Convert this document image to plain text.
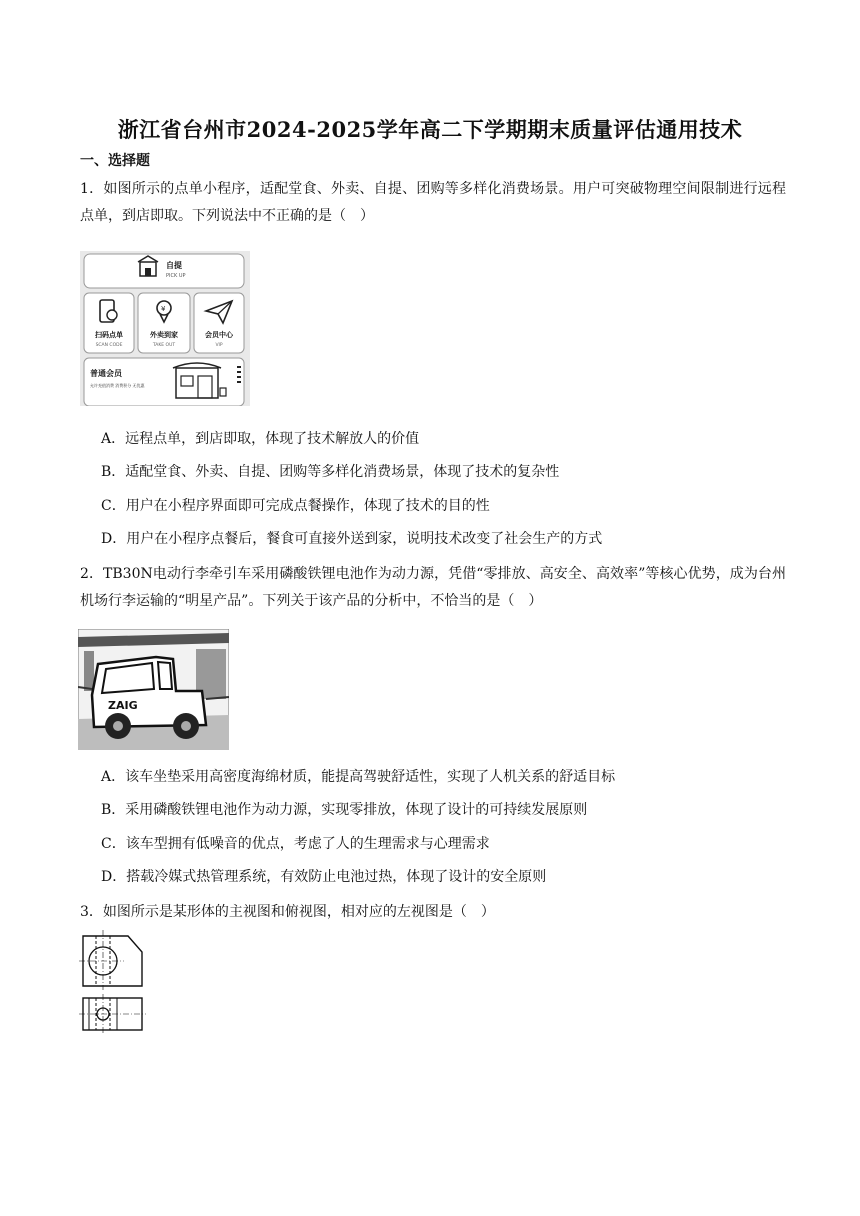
浙江省台州市2024-2025学年高二下学期期末质量评估通用技术
一、选择题
1．如图所示的点单小程序，适配堂食、外卖、自提、团购等多样化消费场景。用户可突破物理空间限制进行远程点单，到店即取。下列说法中不正确的是（　）
自提
PICK UP
¥
扫码点单
SCAN CODE
外卖到家
TAKE OUT
会员中心
VIP
普通会员
允许充值消费 消费积分 无优惠
A．远程点单，到店即取，体现了技术解放人的价值
B．适配堂食、外卖、自提、团购等多样化消费场景，体现了技术的复杂性
C．用户在小程序界面即可完成点餐操作，体现了技术的目的性
D．用户在小程序点餐后，餐食可直接外送到家，说明技术改变了社会生产的方式
2．TB30N电动行李牵引车采用磷酸铁锂电池作为动力源，凭借“零排放、高安全、高效率”等核心优势，成为台州机场行李运输的“明星产品”。下列关于该产品的分析中，不恰当的是（　）
ZAIG
A．该车坐垫采用高密度海绵材质，能提高驾驶舒适性，实现了人机关系的舒适目标
B．采用磷酸铁锂电池作为动力源，实现零排放，体现了设计的可持续发展原则
C．该车型拥有低噪音的优点，考虑了人的生理需求与心理需求
D．搭载冷媒式热管理系统，有效防止电池过热，体现了设计的安全原则
3．如图所示是某形体的主视图和俯视图，相对应的左视图是（　）
